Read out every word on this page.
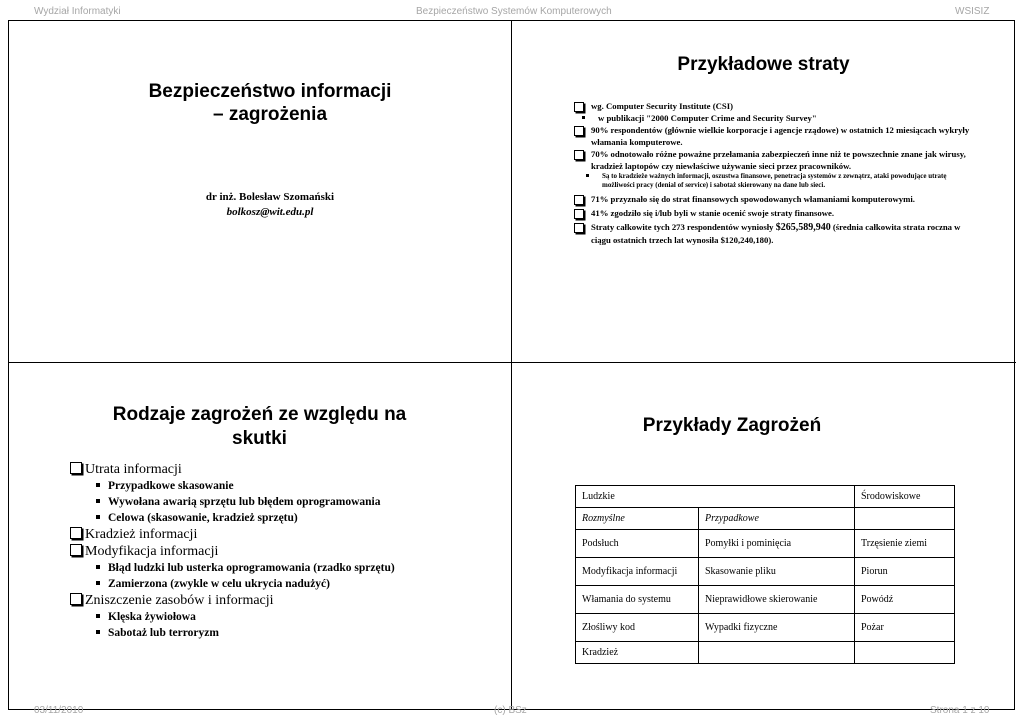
Wydział Informatyki	Bezpieczeństwo Systemów Komputerowych	WSISIZ
Bezpieczeństwo informacji
– zagrożenia
dr inż. Bolesław Szomański
bolkosz@wit.edu.pl
Przykładowe straty
wg. Computer Security Institute (CSI)
w publikacji "2000 Computer Crime and Security Survey"
90% respondentów (głównie wielkie korporacje i agencje rządowe) w ostatnich 12 miesiącach wykryły włamania komputerowe.
70% odnotowało różne poważne przełamania zabezpieczeń inne niż te powszechnie znane jak wirusy, kradzież laptopów czy niewłaściwe używanie sieci przez pracowników.
Są to kradzieże ważnych informacji, oszustwa finansowe, penetracja systemów z zewnątrz, ataki powodujące utratę możliwości pracy (denial of service) i sabotaż skierowany na dane lub sieci.
71% przyznało się do strat finansowych spowodowanych włamaniami komputerowymi.
41% zgodziło się i/lub byli w stanie ocenić swoje straty finansowe.
Straty całkowite tych 273 respondentów wyniosły $265,589,940 (średnia całkowita strata roczna w ciągu ostatnich trzech lat wynosiła $120,240,180).
Rodzaje zagrożeń ze względu na
skutki
Utrata informacji
Przypadkowe skasowanie
Wywołana awarią sprzętu lub błędem oprogramowania
Celowa (skasowanie, kradzież sprzętu)
Kradzież informacji
Modyfikacja informacji
Błąd ludzki lub usterka oprogramowania (rzadko sprzętu)
Zamierzona (zwykle w celu ukrycia nadużyć)
Zniszczenie zasobów i informacji
Klęska żywiołowa
Sabotaż lub terroryzm
Przykłady Zagrożeń
Ludzkie		Środowiskowe
Rozmyślne	Przypadkowe	
Podsłuch	Pomyłki i pominięcia	Trzęsienie ziemi
Modyfikacja informacji	Skasowanie pliku	Piorun
Włamania do systemu	Nieprawidłowe skierowanie	Powódź
Złośliwy kod	Wypadki fizyczne	Pożar
Kradzież		
03/11/2010	(c) BSz	Strona 1 z 10
